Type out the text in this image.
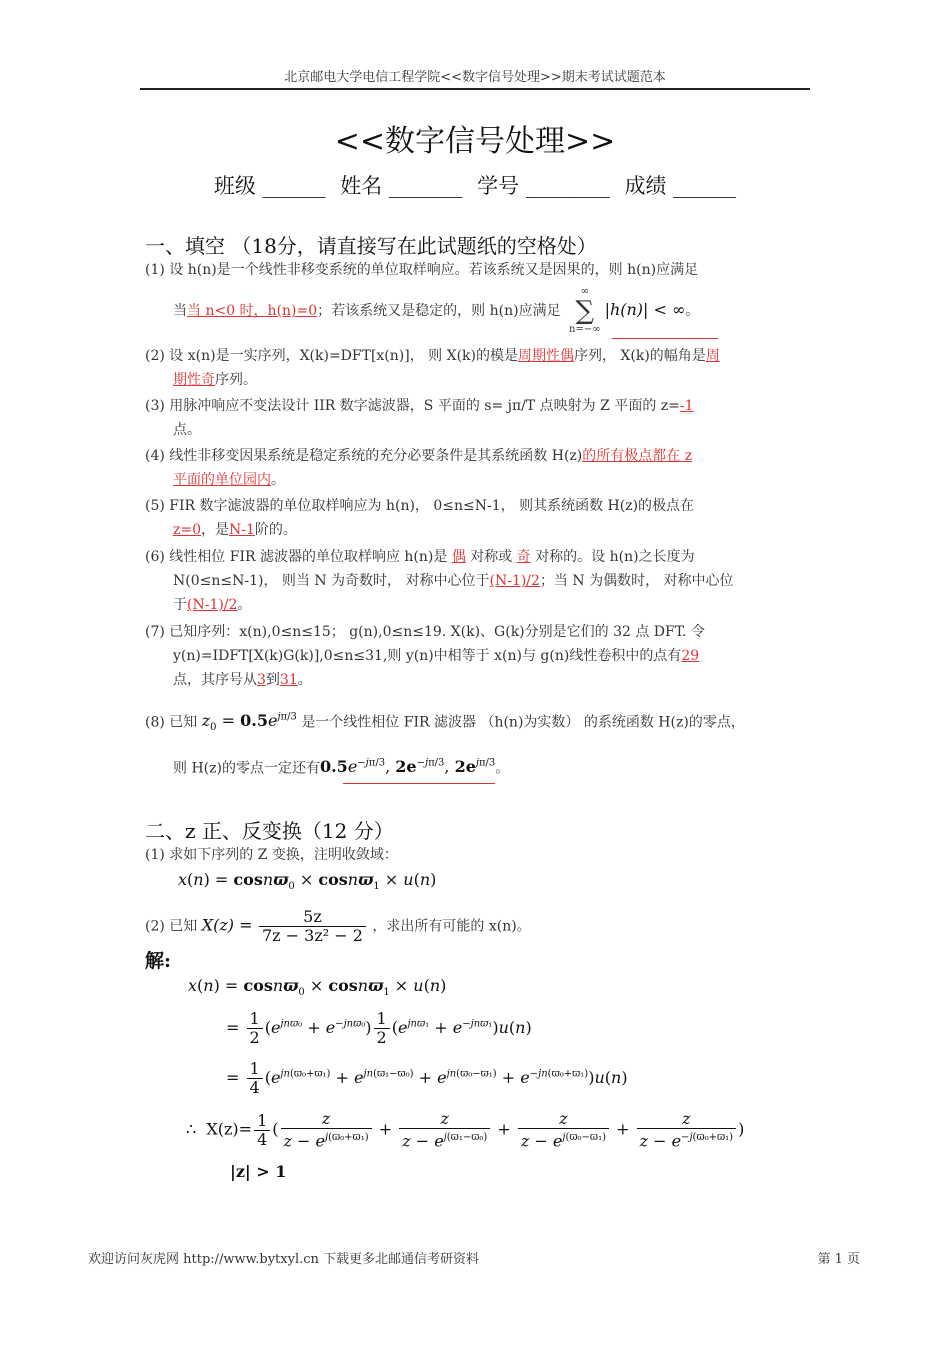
北京邮电大学电信工程学院<<数字信号处理>>期末考试试题范本
<<数字信号处理>>
班级 ______ 姓名 _______ 学号 ________ 成绩 ______
一、填空 （18分，请直接写在此试题纸的空格处）
(1) 设 h(n)是一个线性非移变系统的单位取样响应。若该系统又是因果的，则 h(n)应满足
当当 n<0 时，h(n)=0；若该系统又是稳定的，则 h(n)应满足
∞
∑
n=−∞
|h(n)| < ∞。
(2) 设 x(n)是一实序列，X(k)=DFT[x(n)]， 则 X(k)的模是周期性偶序列， X(k)的幅角是周
期性奇序列。
(3) 用脉冲响应不变法设计 IIR 数字滤波器，S 平面的 s= jπ/T 点映射为 Z 平面的 z=-1
点。
(4) 线性非移变因果系统是稳定系统的充分必要条件是其系统函数 H(z)的所有极点都在 z
平面的单位园内。
(5) FIR 数字滤波器的单位取样响应为 h(n)， 0≤n≤N-1， 则其系统函数 H(z)的极点在
z=0，是N-1阶的。
(6) 线性相位 FIR 滤波器的单位取样响应 h(n)是 偶 对称或 奇 对称的。设 h(n)之长度为
N(0≤n≤N-1)， 则当 N 为奇数时， 对称中心位于(N-1)/2；当 N 为偶数时， 对称中心位
于(N-1)/2。
(7) 已知序列：x(n),0≤n≤15； g(n),0≤n≤19. X(k)、G(k)分别是它们的 32 点 DFT. 令
y(n)=IDFT[X(k)G(k)],0≤n≤31,则 y(n)中相等于 x(n)与 g(n)线性卷积中的点有29
点，其序号从3到31。
(8) 已知 $z_0 = 0.5e^{j\pi/3}$ 是一个线性相位 FIR 滤波器 （h(n)为实数） 的系统函数 H(z)的零点，
则 H(z)的零点一定还有$0.5e^{-j\pi/3}$, $2e^{-j\pi/3}$, $2e^{j\pi/3}$。
二、z 正、反变换（12 分）
(1) 求如下序列的 Z 变换，注明收敛域：
x(n) = cosnϖ$_0$ × cosnϖ$_1$ × u(n)
(2) 已知 $X(z) = \frac{5z}{\text{7z − 3z² − 2}}$ ，求出所有可能的 x(n)。
解:
x(n) = cosnϖ$_0$ × cosnϖ$_1$ × u(n)
= $\frac{1}{2} (e^{jnϖ_0} + e^{-jnϖ_0}) \frac{1}{2} (e^{jnϖ_1} + e^{-jnϖ_1})u(n)$
= $\frac{1}{4} (e^{jn(ϖ_0+ϖ_1)} + e^{jn(ϖ_1-ϖ_0)} + e^{jn(ϖ_0-ϖ_1)} + e^{-jn(ϖ_0+ϖ_1)})u(n)$
∴  $X(z)= \frac{1}{4}$ ( $\frac{z}{z - e^{j(ϖ_0+ϖ_1)}} + \frac{z}{z - e^{j(ϖ_1-ϖ_0)}} + \frac{z}{z - e^{j(ϖ_0-ϖ_1)}} + \frac{z}{z - e^{-j(ϖ_0+ϖ_1)}}$ )
|z| > 1
欢迎访问灰虎网 http://www.bytxyl.cn 下载更多北邮通信考研资料	第 1 页
